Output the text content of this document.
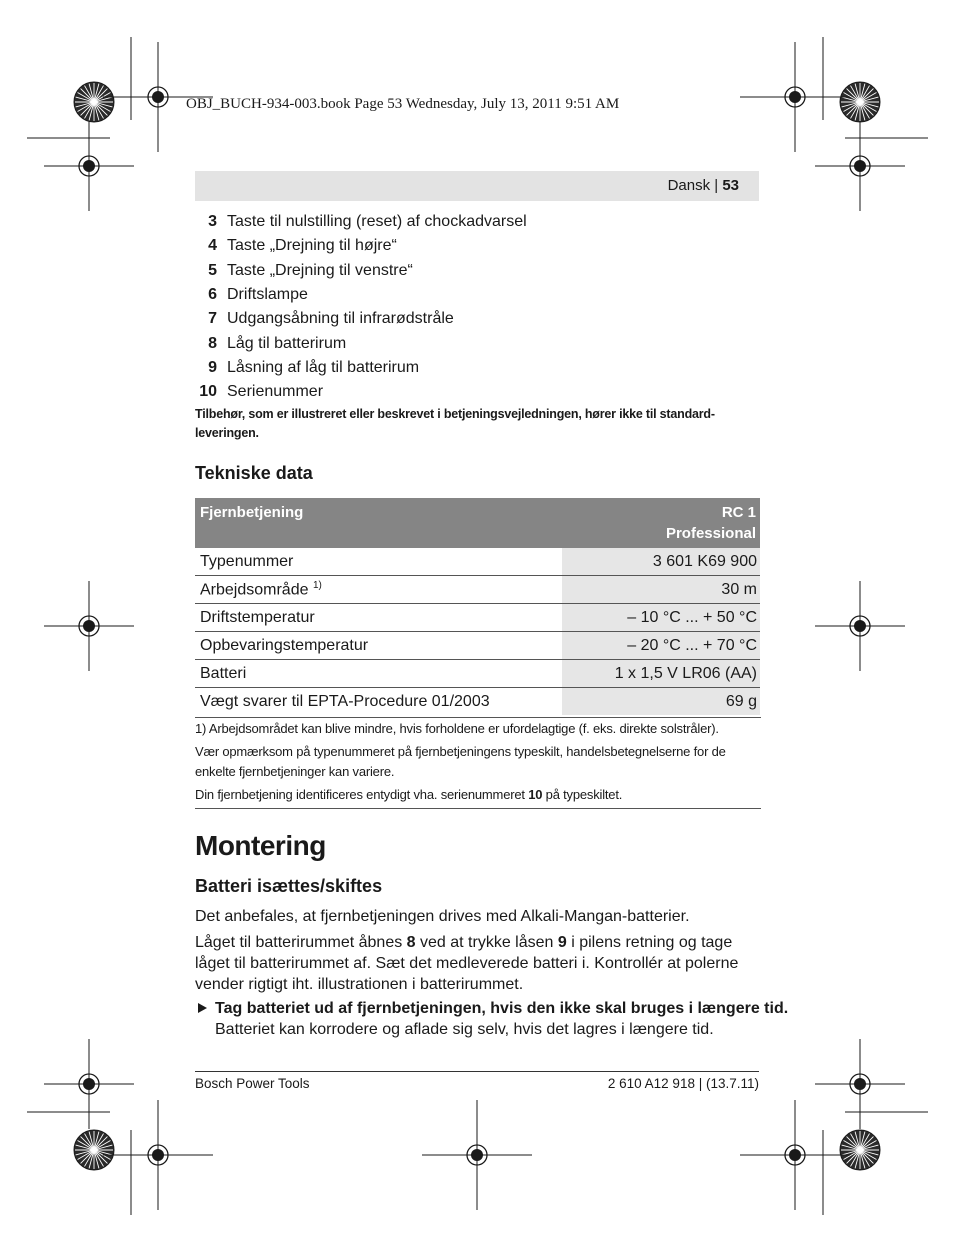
OBJ_BUCH-934-003.book Page 53 Wednesday, July 13, 2011 9:51 AM
Dansk | 53
3 Taste til nulstilling (reset) af chockadvarsel
4 Taste „Drejning til højre“
5 Taste „Drejning til venstre“
6 Driftslampe
7 Udgangsåbning til infrarødstråle
8 Låg til batterirum
9 Låsning af låg til batterirum
10 Serienummer
Tilbehør, som er illustreret eller beskrevet i betjeningsvejledningen, hører ikke til standard-leveringen.
Tekniske data
Fjernbetjening	RC 1
Professional
Typenummer	3 601 K69 900
Arbejdsområde $^{1)}$	30 m
Driftstemperatur	– 10 °C ... + 50 °C
Opbevaringstemperatur	– 20 °C ... + 70 °C
Batteri	1 x 1,5 V LR06 (AA)
Vægt svarer til EPTA-Procedure 01/2003	69 g
1) Arbejdsområdet kan blive mindre, hvis forholdene er ufordelagtige (f. eks. direkte solstråler).
Vær opmærksom på typenummeret på fjernbetjeningens typeskilt, handelsbetegnelserne for de enkelte fjernbetjeninger kan variere.
Din fjernbetjening identificeres entydigt vha. serienummeret 10 på typeskiltet.
Montering
Batteri isættes/skiftes
Det anbefales, at fjernbetjeningen drives med Alkali-Mangan-batterier.
Låget til batterirummet åbnes 8 ved at trykke låsen 9 i pilens retning og tage låget til batterirummet af. Sæt det medleverede batteri i. Kontrollér at polerne vender rigtigt iht. illustrationen i batterirummet.
Tag batteriet ud af fjernbetjeningen, hvis den ikke skal bruges i længere tid.
Batteriet kan korrodere og aflade sig selv, hvis det lagres i længere tid.
Bosch Power Tools	2 610 A12 918 | (13.7.11)
